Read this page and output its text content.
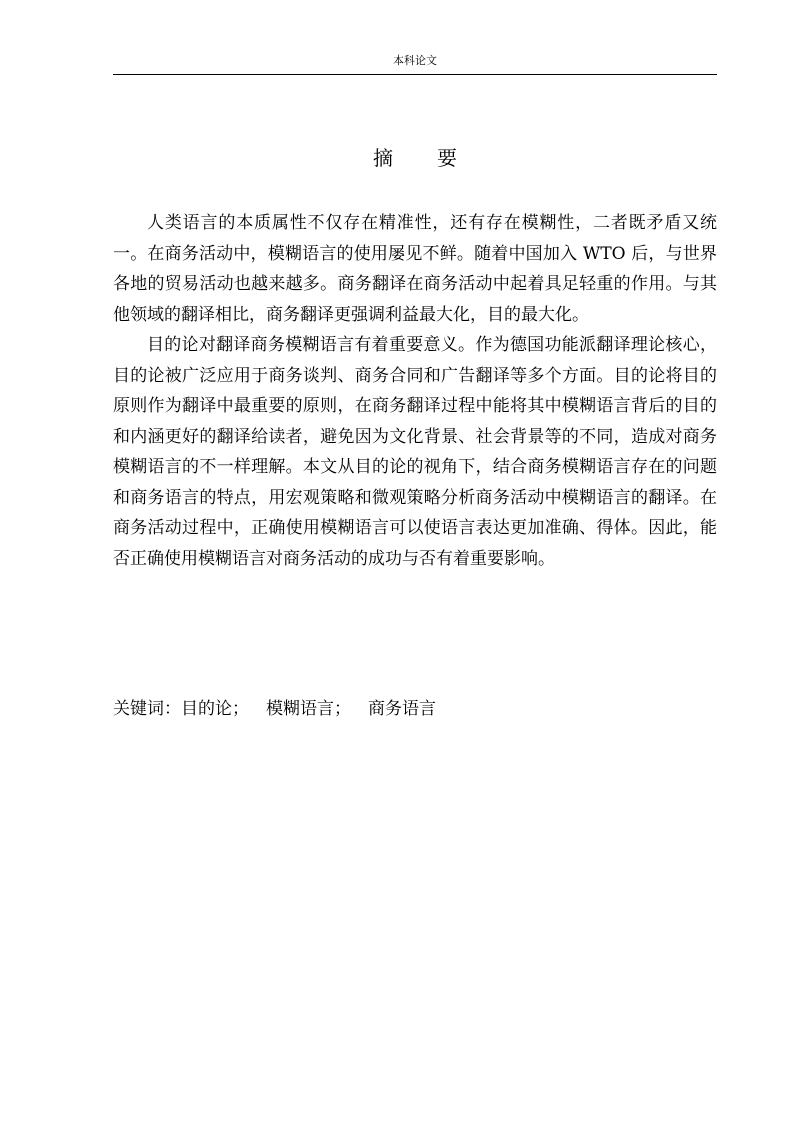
本科论文
摘 要

人类语言的本质属性不仅存在精准性，还有存在模糊性，二者既矛盾又统一。在商务活动中，模糊语言的使用屡见不鲜。随着中国加入 WTO 后，与世界各地的贸易活动也越来越多。商务翻译在商务活动中起着具足轻重的作用。与其他领域的翻译相比，商务翻译更强调利益最大化，目的最大化。

目的论对翻译商务模糊语言有着重要意义。作为德国功能派翻译理论核心，目的论被广泛应用于商务谈判、商务合同和广告翻译等多个方面。目的论将目的原则作为翻译中最重要的原则，在商务翻译过程中能将其中模糊语言背后的目的和内涵更好的翻译给读者，避免因为文化背景、社会背景等的不同，造成对商务模糊语言的不一样理解。本文从目的论的视角下，结合商务模糊语言存在的问题和商务语言的特点，用宏观策略和微观策略分析商务活动中模糊语言的翻译。在商务活动过程中，正确使用模糊语言可以使语言表达更加准确、得体。因此，能否正确使用模糊语言对商务活动的成功与否有着重要影响。

关键词：目的论； 模糊语言； 商务语言
